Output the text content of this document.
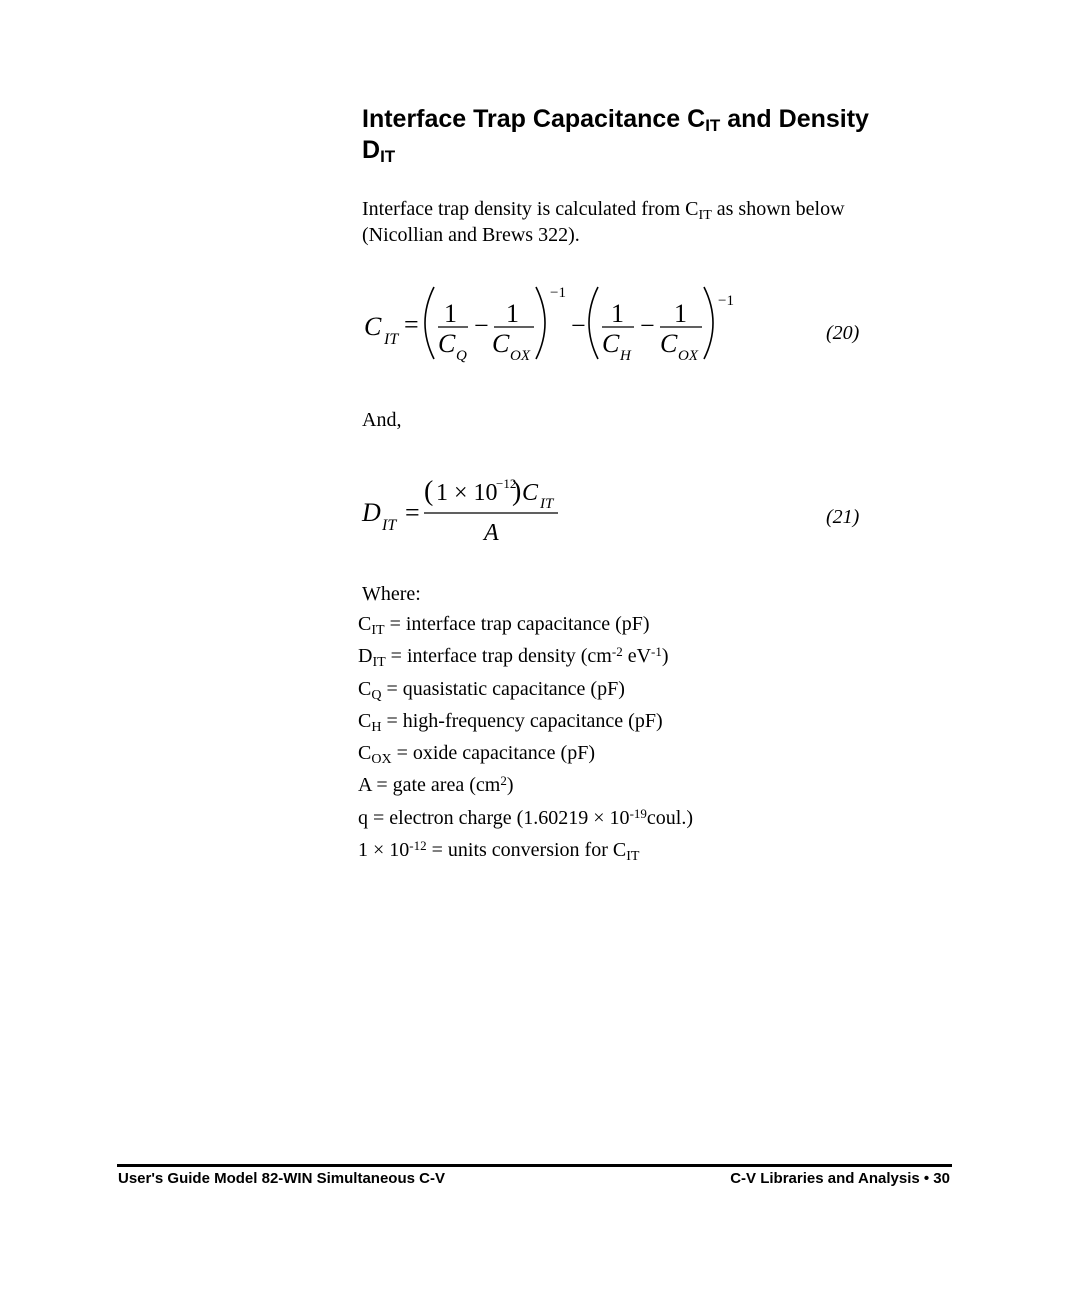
Interface Trap Capacitance $C_{IT}$ and Density
$D_{IT}$
Interface trap density is calculated from $C_{IT}$ as shown below
(Nicollian and Brews 322).
C IT
= 1
C Q
− 1
C OX
−1
− 1
C H
− 1
C OX
−1
(20)
And,
D IT =
( 1 × 10
−12
) C IT
A
(21)
Where:
$C_{IT}$ = interface trap capacitance (pF)
$D_{IT}$ = interface trap density ($cm^{-2}$ $eV^{-1}$)
$C_Q$ = quasistatic capacitance (pF)
$C_H$ = high-frequency capacitance (pF)
$C_{OX}$ = oxide capacitance (pF)
A = gate area $(cm^2)$
q = electron charge $(1.60219 \times 10^{-19}coul.)$
$1 \times 10^{-12}$ = units conversion for $C_{IT}$
User's Guide Model 82-WIN Simultaneous C-V	C-V Libraries and Analysis • 30
